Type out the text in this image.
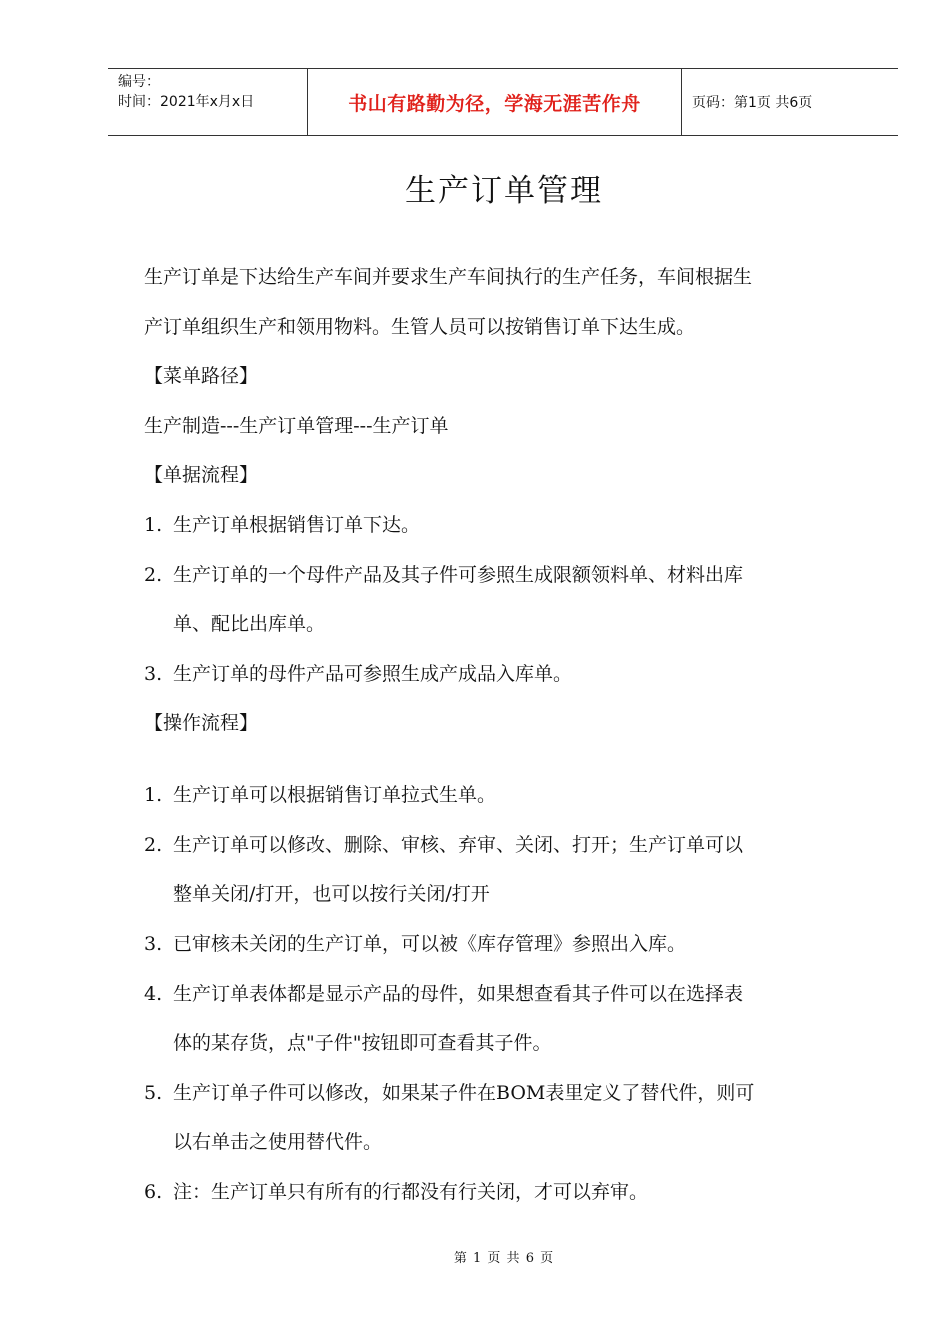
编号：
时间：2021年x月x日	书山有路勤为径，学海无涯苦作舟	页码：第1页 共6页
生产订单管理
生产订单是下达给生产车间并要求生产车间执行的生产任务，车间根据生
产订单组织生产和领用物料。生管人员可以按销售订单下达生成。
【菜单路径】
生产制造---生产订单管理---生产订单
【单据流程】
1. 生产订单根据销售订单下达。
2. 生产订单的一个母件产品及其子件可参照生成限额领料单、材料出库
单、配比出库单。
3. 生产订单的母件产品可参照生成产成品入库单。
【操作流程】
1. 生产订单可以根据销售订单拉式生单。
2. 生产订单可以修改、删除、审核、弃审、关闭、打开；生产订单可以
整单关闭/打开，也可以按行关闭/打开
3. 已审核未关闭的生产订单，可以被《库存管理》参照出入库。
4. 生产订单表体都是显示产品的母件，如果想查看其子件可以在选择表
体的某存货，点"子件"按钮即可查看其子件。
5. 生产订单子件可以修改，如果某子件在BOM表里定义了替代件，则可
以右单击之使用替代件。
6. 注：生产订单只有所有的行都没有行关闭，才可以弃审。
第 1 页 共 6 页
